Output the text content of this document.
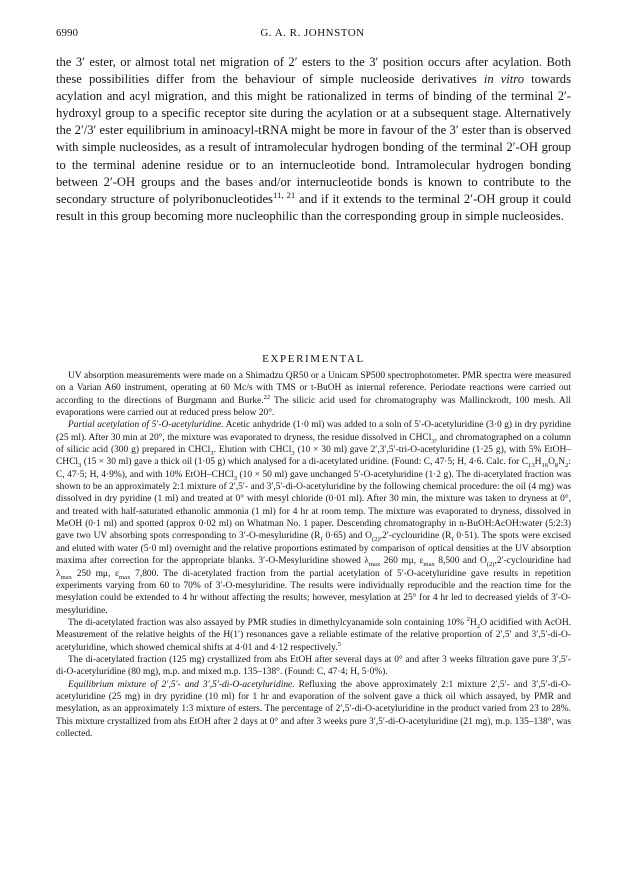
6990	G. A. R. JOHNSTON

the 3′ ester, or almost total net migration of 2′ esters to the 3′ position occurs after acylation. Both these possibilities differ from the behaviour of simple nucleoside derivatives in vitro towards acylation and acyl migration, and this might be rationalized in terms of binding of the terminal 2′-hydroxyl group to a specific receptor site during the acylation or at a subsequent stage. Alternatively the 2′/3′ ester equilibrium in aminoacyl-tRNA might be more in favour of the 3′ ester than is observed with simple nucleosides, as a result of intramolecular hydrogen bonding of the terminal 2′-OH group to the terminal adenine residue or to an internucleotide bond. Intramolecular hydrogen bonding between 2′-OH groups and the bases and/or internucleotide bonds is known to contribute to the secondary structure of polyribonucleotides$^{11, 21}$ and if it extends to the terminal 2′-OH group it could result in this group becoming more nucleophilic than the corresponding group in simple nucleosides.

EXPERIMENTAL

UV absorption measurements were made on a Shimadzu QR50 or a Unicam SP500 spectrophotometer. PMR spectra were measured on a Varian A60 instrument, operating at 60 Mc/s with TMS or t-BuOH as internal reference. Periodate reactions were carried out according to the directions of Burgmann and Burke.$^{22}$ The silicic acid used for chromatography was Mallinckrodt, 100 mesh. All evaporations were carried out at reduced press below 20°.

Partial acetylation of 5′-O-acetyluridine. Acetic anhydride (1·0 ml) was added to a soln of 5′-O-acetyluridine (3·0 g) in dry pyridine (25 ml). After 30 min at 20°, the mixture was evaporated to dryness, the residue dissolved in CHCl$_3$, and chromatographed on a column of silicic acid (300 g) prepared in CHCl$_3$. Elution with CHCl$_3$ (10 × 30 ml) gave 2′,3′,5′-tri-O-acetyluridine (1·25 g), with 5% EtOH–CHCl$_3$ (15 × 30 ml) gave a thick oil (1·05 g) which analysed for a di-acetylated uridine. (Found: C, 47·5; H, 4·6. Calc. for $C_{13}H_{16}O_8N_2$: C, 47·5; H, 4·9%), and with 10% EtOH–CHCl$_3$ (10 × 50 ml) gave unchanged 5′-O-acetyluridine (1·2 g). The di-acetylated fraction was shown to be an approximately 2:1 mixture of 2′,5′- and 3′,5′-di-O-acetyluridine by the following chemical procedure: the oil (4 mg) was dissolved in dry pyridine (1 ml) and treated at 0° with mesyl chloride (0·01 ml). After 30 min, the mixture was taken to dryness at 0°, and treated with half-saturated ethanolic ammonia (1 ml) for 4 hr at room temp. The mixture was evaporated to dryness, dissolved in MeOH (0·1 ml) and spotted (approx 0·02 ml) on Whatman No. 1 paper. Descending chromatography in n-BuOH:AcOH:water (5:2:3) gave two UV absorbing spots corresponding to 3′-O-mesyluridine ($R_f$ 0·65) and $O_{(2)},2'$-cyclouridine ($R_f$ 0·51). The spots were excised and eluted with water (5·0 ml) overnight and the relative proportions estimated by comparison of optical densities at the UV absorption maxima after correction for the appropriate blanks. 3′-O-Mesyluridine showed $\lambda_{max}$ 260 mμ, $\varepsilon_{max}$ 8,500 and $O_{(2)},2'$-cyclouridine had $\lambda_{max}$ 250 mμ, $\varepsilon_{max}$ 7,800. The di-acetylated fraction from the partial acetylation of 5′-O-acetyluridine gave results in repetition experiments varying from 60 to 70% of 3′-O-mesyluridine. The results were individually reproducible and the reaction time for the mesylation could be extended to 4 hr without affecting the results; however, mesylation at 25° for 4 hr led to decreased yields of 3′-O-mesyluridine.

The di-acetylated fraction was also assayed by PMR studies in dimethylcyanamide soln containing 10% $^2H_2O$ acidified with AcOH. Measurement of the relative heights of the H(1′) resonances gave a reliable estimate of the relative proportion of 2′,5′ and 3′,5′-di-O-acetyluridine, which showed chemical shifts at 4·01 and 4·12 respectively.$^5$

The di-acetylated fraction (125 mg) crystallized from abs EtOH after several days at 0° and after 3 weeks filtration gave pure 3′,5′-di-O-acetyluridine (80 mg), m.p. and mixed m.p. 135–138°. (Found: C, 47·4; H, 5·0%).

Equilibrium mixture of 2′,5′- and 3′,5′-di-O-acetyluridine. Refluxing the above approximately 2:1 mixture 2′,5′- and 3′,5′-di-O-acetyluridine (25 mg) in dry pyridine (10 ml) for 1 hr and evaporation of the solvent gave a thick oil which assayed, by PMR and mesylation, as an approximately 1:3 mixture of esters. The percentage of 2′,5′-di-O-acetyluridine in the product varied from 23 to 28%. This mixture crystallized from abs EtOH after 2 days at 0° and after 3 weeks pure 3′,5′-di-O-acetyluridine (21 mg), m.p. 135–138°, was collected.
